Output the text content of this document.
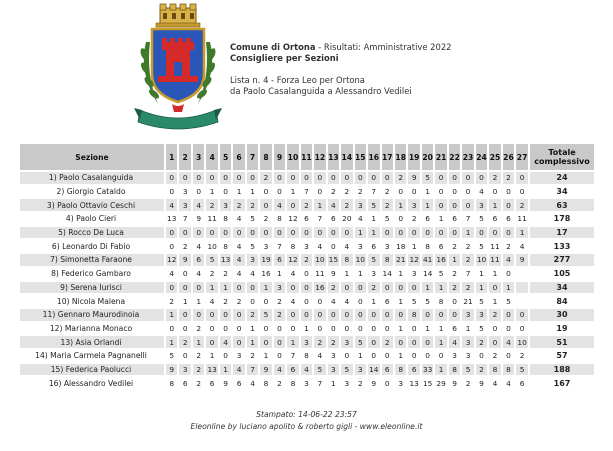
Comune di Ortona - Risultati: Amministrative 2022
Consigliere per Sezioni
Lista n. 4 - Forza Leo per Ortona
da Paolo Casalanguida a Alessandro Vedilei
Sezione	1	2	3	4	5	6	7	8	9	10	11	12	13	14	15	16	17	18	19	20	21	22	23	24	25	26	27	Totale complessivo
1) Paolo Casalanguida	0	0	0	0	0	0	0	2	0	0	0	0	0	0	0	0	0	2	9	5	0	0	0	0	2	2	0	24
2) Giorgio Cataldo	0	3	0	1	0	1	1	0	0	1	7	0	2	2	2	7	2	0	0	1	0	0	0	4	0	0	0	34
3) Paolo Ottavio Ceschi	4	3	4	2	3	2	2	0	4	0	2	1	4	2	3	5	2	1	3	1	0	0	0	3	1	0	2	63
4) Paolo Cieri	13	7	9	11	8	4	5	2	8	12	6	7	6	20	4	1	5	0	2	6	1	6	7	5	6	6	11	178
5) Rocco De Luca	0	0	0	0	0	0	0	0	0	0	0	0	0	0	1	1	0	0	0	0	0	0	1	0	0	0	1	17
6) Leonardo Di Fabio	0	2	4	10	8	4	5	3	7	8	3	4	0	4	3	6	3	18	1	8	6	2	2	5	11	2	4	133
7) Simonetta Faraone	12	9	6	5	13	4	3	19	6	12	2	10	15	8	10	5	8	21	12	41	16	1	2	10	11	4	9	277
8) Federico Gambaro	4	0	4	2	2	4	4	16	1	4	0	11	9	1	1	3	14	1	3	14	5	2	7	1	1	0		105
9) Serena Iurisci	0	0	0	1	1	0	0	1	3	0	0	16	2	0	0	2	0	0	0	1	1	2	2	1	0	1		34
10) Nicola Malena	2	1	1	4	2	2	0	0	2	4	0	0	4	4	0	1	6	1	5	5	8	0	21	5	1	5		84
11) Gennaro Maurodinoia	1	0	0	0	0	0	2	5	2	0	0	0	0	0	0	0	0	0	8	0	0	0	3	3	2	0	0	30
12) Marianna Monaco	0	0	2	0	0	0	1	0	0	0	1	0	0	0	0	0	0	1	0	1	1	6	1	5	0	0	0	19
13) Asia Orlandi	1	2	1	0	4	0	1	0	0	1	3	2	2	3	5	0	2	0	0	0	1	4	3	2	0	4	10	51
14) Maria Carmela Pagnanelli	5	0	2	1	0	3	2	1	0	7	8	4	3	0	1	0	0	1	0	0	0	3	3	0	2	0	2	57
15) Federica Paolucci	9	3	2	13	1	4	7	9	4	6	4	5	3	5	3	14	6	8	6	33	1	8	5	2	8	8	5	188
16) Alessandro Vedilei	8	6	2	6	9	6	4	8	2	8	3	7	1	3	2	9	0	3	13	15	29	9	2	9	4	4	6	167
Stampato: 14-06-22 23:57
Eleonline by luciano apolito & roberto gigli - www.eleonline.it
